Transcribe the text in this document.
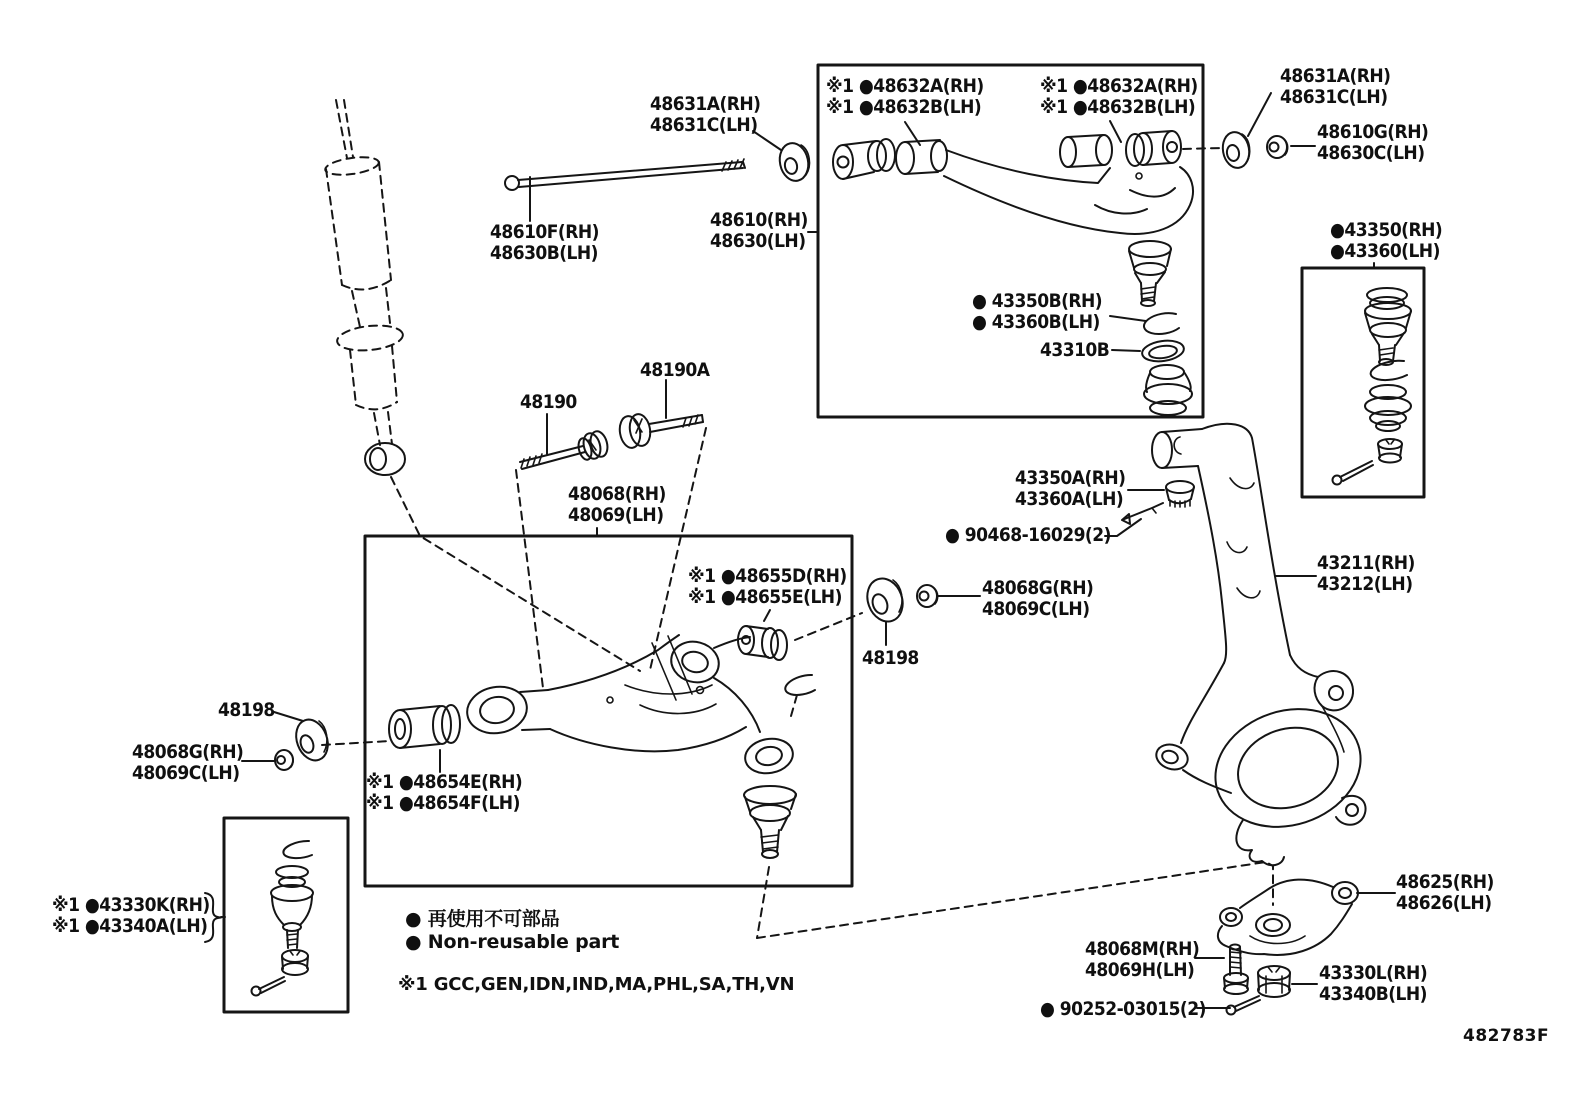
48631A(RH)
48631C(LH)
48610F(RH)
48630B(LH)
48610(RH)
48630(LH)
※1 ●48632A(RH)
※1 ●48632B(LH)
※1 ●48632A(RH)
※1 ●48632B(LH)
48631A(RH)
48631C(LH)
48610G(RH)
48630C(LH)
●43350(RH)
●43360(LH)
● 43350B(RH)
● 43360B(LH)
43310B
48190A
48190
48068(RH)
48069(LH)
※1 ●48655D(RH)
※1 ●48655E(LH)	48068G(RH)
48069C(LH)
48198
48198
48068G(RH)
48069C(LH)	※1 ●48654E(RH)
※1 ●48654F(LH)
※1 ●43330K(RH)
※1 ●43340A(LH)
43350A(RH)
43360A(LH)
● 90468-16029(2)
43211(RH)
43212(LH)
48625(RH)
48626(LH)
48068M(RH)
48069H(LH)	43330L(RH)
43340B(LH)
● 90252-03015(2)
● 再使用不可部品
● Non-reusable part
※1 GCC,GEN,IDN,IND,MA,PHL,SA,TH,VN
482783F
